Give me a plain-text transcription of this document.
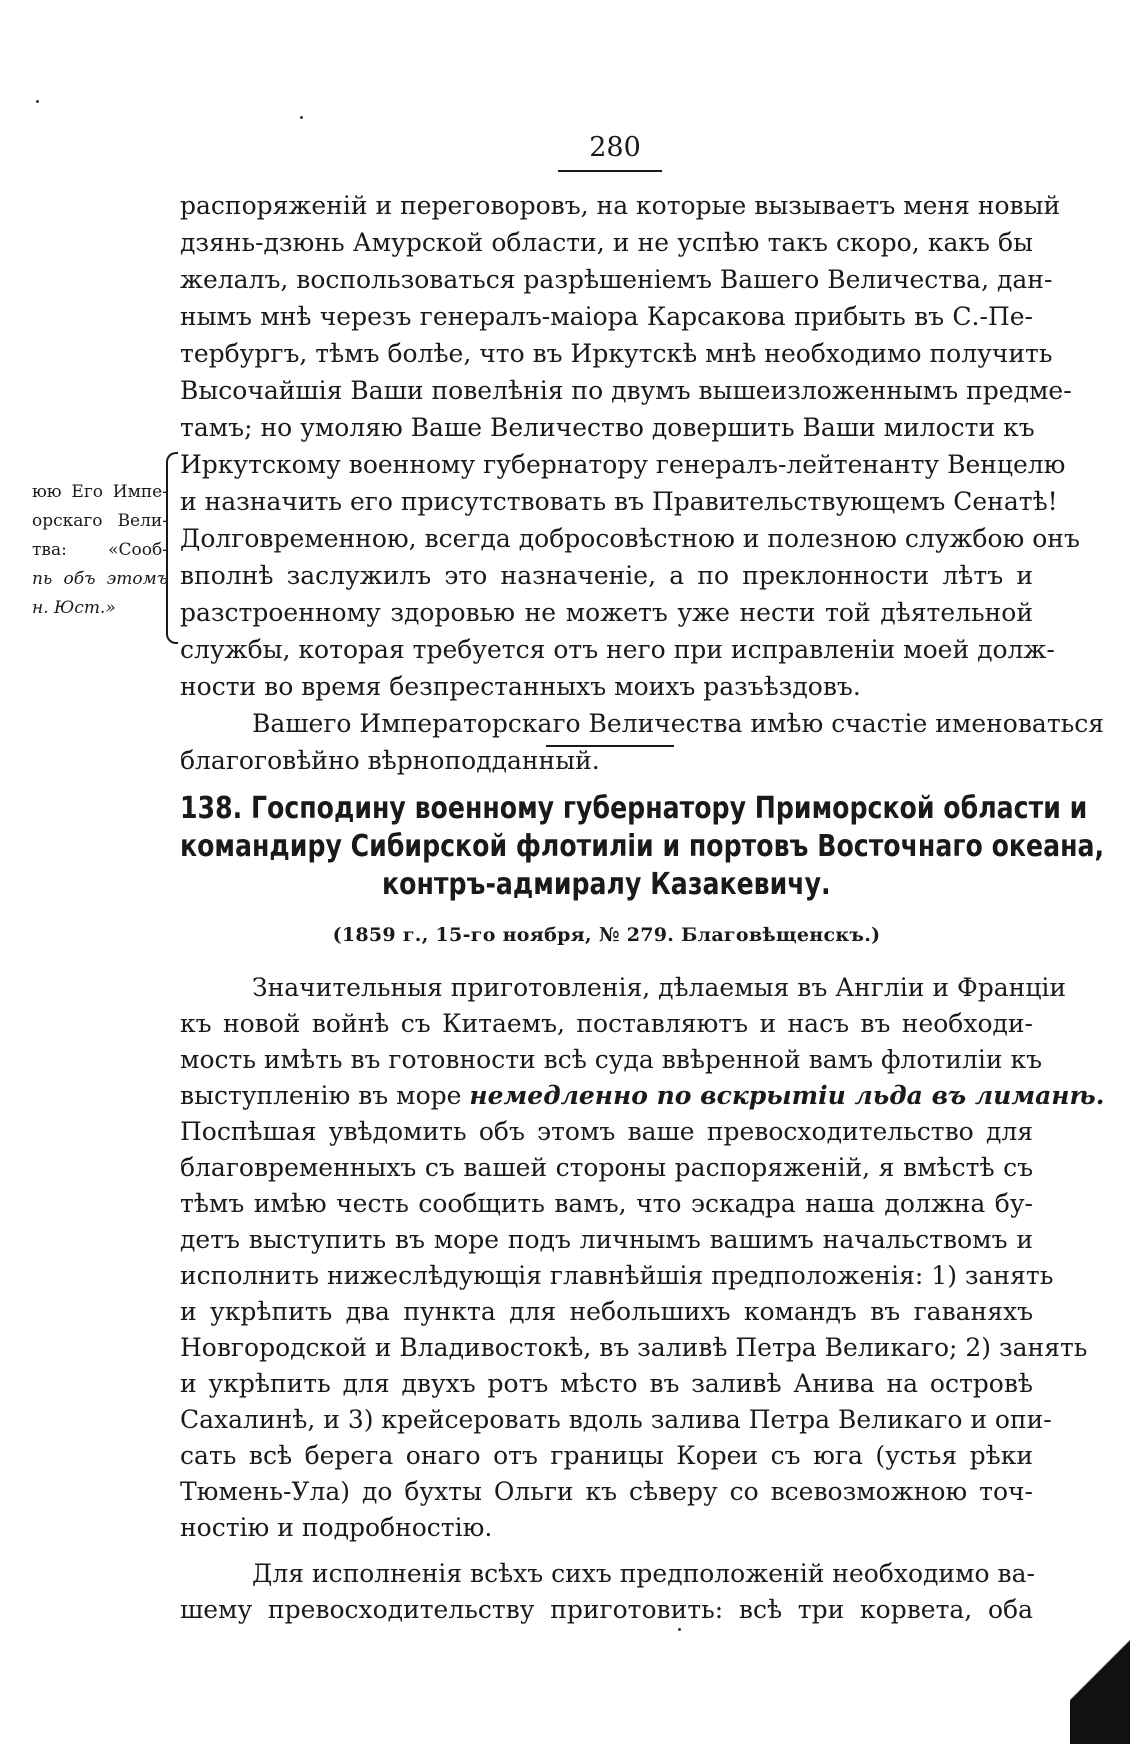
280

юю Его Импе-

орскаго Вели-

тва: «Сооб-

пь объ этомъ

н. Юст.»

распоряженій и переговоровъ, на которые вызываетъ меня новый

дзянь-дзюнь Амурской области, и не успѣю такъ скоро, какъ бы

желалъ, воспользоваться разрѣшеніемъ Вашего Величества, дан-

нымъ мнѣ черезъ генералъ-маіора Карсакова прибыть въ С.-Пе-

тербургъ, тѣмъ болѣе, что въ Иркутскѣ мнѣ необходимо получить

Высочайшія Ваши повелѣнія по двумъ вышеизложеннымъ предме-

тамъ; но умоляю Ваше Величество довершить Ваши милости къ

Иркутскому военному губернатору генералъ-лейтенанту Венцелю

и назначить его присутствовать въ Правительствующемъ Сенатѣ!

Долговременною, всегда добросовѣстною и полезною службою онъ

вполнѣ заслужилъ это назначеніе, а по преклонности лѣтъ и

разстроенному здоровью не можетъ уже нести той дѣятельной

службы, которая требуется отъ него при исправленіи моей долж-

ности во время безпрестанныхъ моихъ разъѣздовъ.

Вашего Императорскаго Величества имѣю счастіе именоваться

благоговѣйно вѣрноподданный.

138. Господину военному губернатору Приморской области и

командиру Сибирской флотиліи и портовъ Восточнаго океана,

контръ-адмиралу Казакевичу.

(1859 г., 15-го ноября, № 279. Благовѣщенскъ.)

Значительныя приготовленія, дѣлаемыя въ Англіи и Франціи

къ новой войнѣ съ Китаемъ, поставляютъ и насъ въ необходи-

мость имѣть въ готовности всѣ суда ввѣренной вамъ флотиліи къ

выступленію въ море немедленно по вскрытіи льда въ лиманѣ.

Поспѣшая увѣдомить объ этомъ ваше превосходительство для

благовременныхъ съ вашей стороны распоряженій, я вмѣстѣ съ

тѣмъ имѣю честь сообщить вамъ, что эскадра наша должна бу-

детъ выступить въ море подъ личнымъ вашимъ начальствомъ и

исполнить нижеслѣдующія главнѣйшія предположенія: 1) занять

и укрѣпить два пункта для небольшихъ командъ въ гаваняхъ

Новгородской и Владивостокѣ, въ заливѣ Петра Великаго; 2) занять

и укрѣпить для двухъ ротъ мѣсто въ заливѣ Анива на островѣ

Сахалинѣ, и 3) крейсеровать вдоль залива Петра Великаго и опи-

сать всѣ берега онаго отъ границы Кореи съ юга (устья рѣки

Тюмень-Ула) до бухты Ольги къ сѣверу со всевозможною точ-

ностію и подробностію.

Для исполненія всѣхъ сихъ предположеній необходимо ва-

шему превосходительству приготовить: всѣ три корвета, оба
